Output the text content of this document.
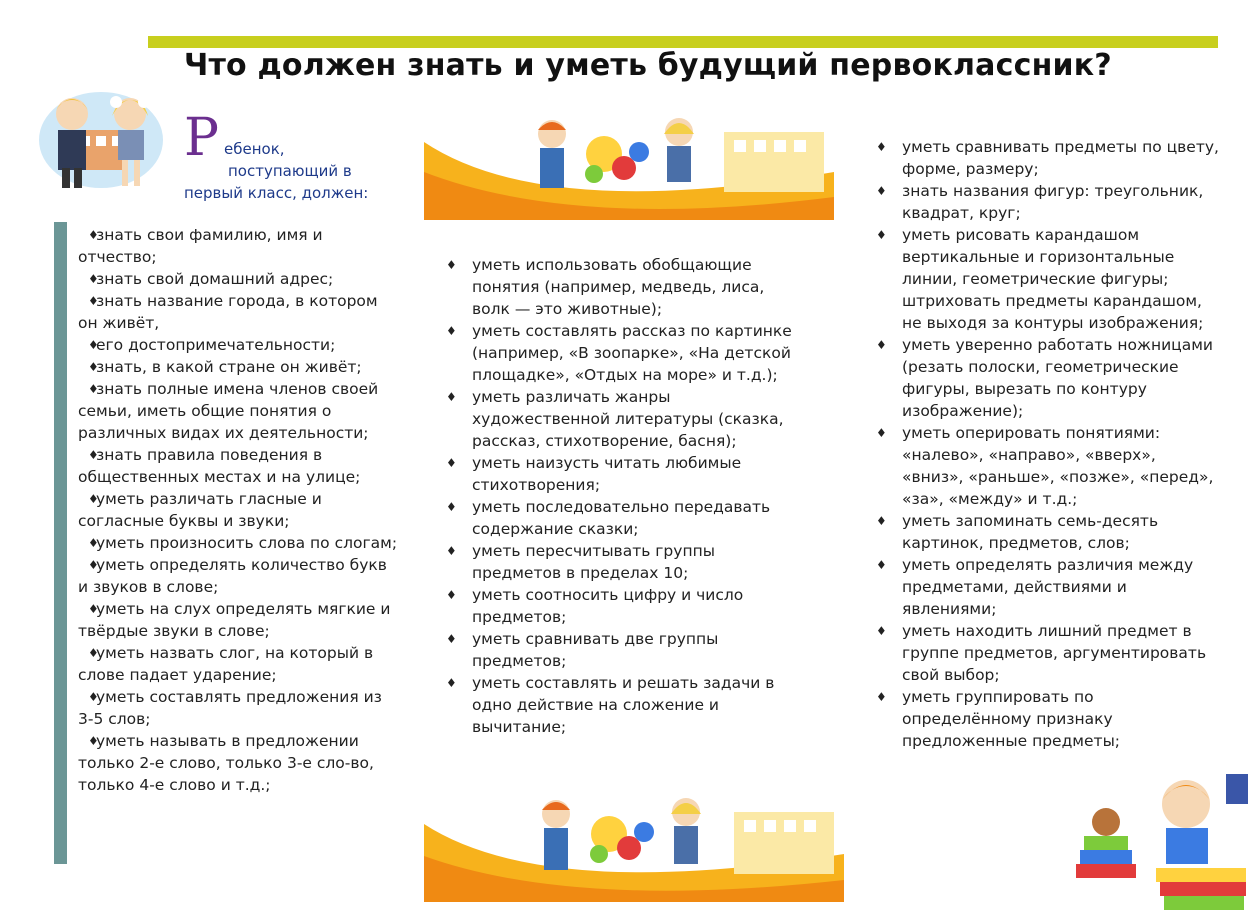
Что должен знать и уметь будущий первоклассник?
Р ебенок,
поступающий в
первый класс, должен:
♦
знать свои фамилию, имя и отчество;
♦
знать свой домашний адрес;
♦
знать название города, в котором он живёт,
♦
его достопримечательности;
♦
знать, в какой стране он живёт;
♦
знать полные имена членов своей семьи, иметь общие понятия о различных видах их деятельности;
♦
знать правила поведения в общественных местах и на улице;
♦
уметь различать гласные и согласные буквы и звуки;
♦
уметь произносить слова по слогам;
♦
уметь определять количество букв и звуков в слове;
♦
уметь на слух определять мягкие и твёрдые звуки в слове;
♦
уметь назвать слог, на который в слове падает ударение;
♦
уметь составлять предложения из 3-5 слов;
♦
уметь называть в предложении только 2-е слово, только 3-е сло-во, только 4-е слово и т.д.;
♦ уметь использовать обобщающие понятия (например, медведь, лиса, волк — это животные);
♦ уметь составлять рассказ по картинке (например, «В зоопарке», «На детской площадке», «Отдых на море» и т.д.);
♦ уметь различать жанры художественной литературы (сказка, рассказ, стихотворение, басня);
♦ уметь наизусть читать любимые стихотворения;
♦ уметь последовательно передавать содержание сказки;
♦ уметь пересчитывать группы предметов в пределах 10;
♦ уметь соотносить цифру и число предметов;
♦ уметь сравнивать две группы предметов;
♦ уметь составлять и решать задачи в одно действие на сложение и вычитание;
♦ уметь сравнивать предметы по цвету, форме, размеру;
♦ знать названия фигур: треугольник, квадрат, круг;
♦ уметь рисовать карандашом вертикальные и горизонтальные линии, геометрические фигуры; штриховать предметы карандашом, не выходя за контуры изображения;
♦ уметь уверенно работать ножницами (резать полоски, геометрические фигуры, вырезать по контуру изображение);
♦ уметь оперировать понятиями: «налево», «направо», «вверх», «вниз», «раньше», «позже», «перед», «за», «между» и т.д.;
♦ уметь запоминать семь-десять картинок, предметов, слов;
♦ уметь определять различия между предметами, действиями и явлениями;
♦ уметь находить лишний предмет в группе предметов, аргументировать свой выбор;
♦ уметь группировать по определённому признаку предложенные предметы;
